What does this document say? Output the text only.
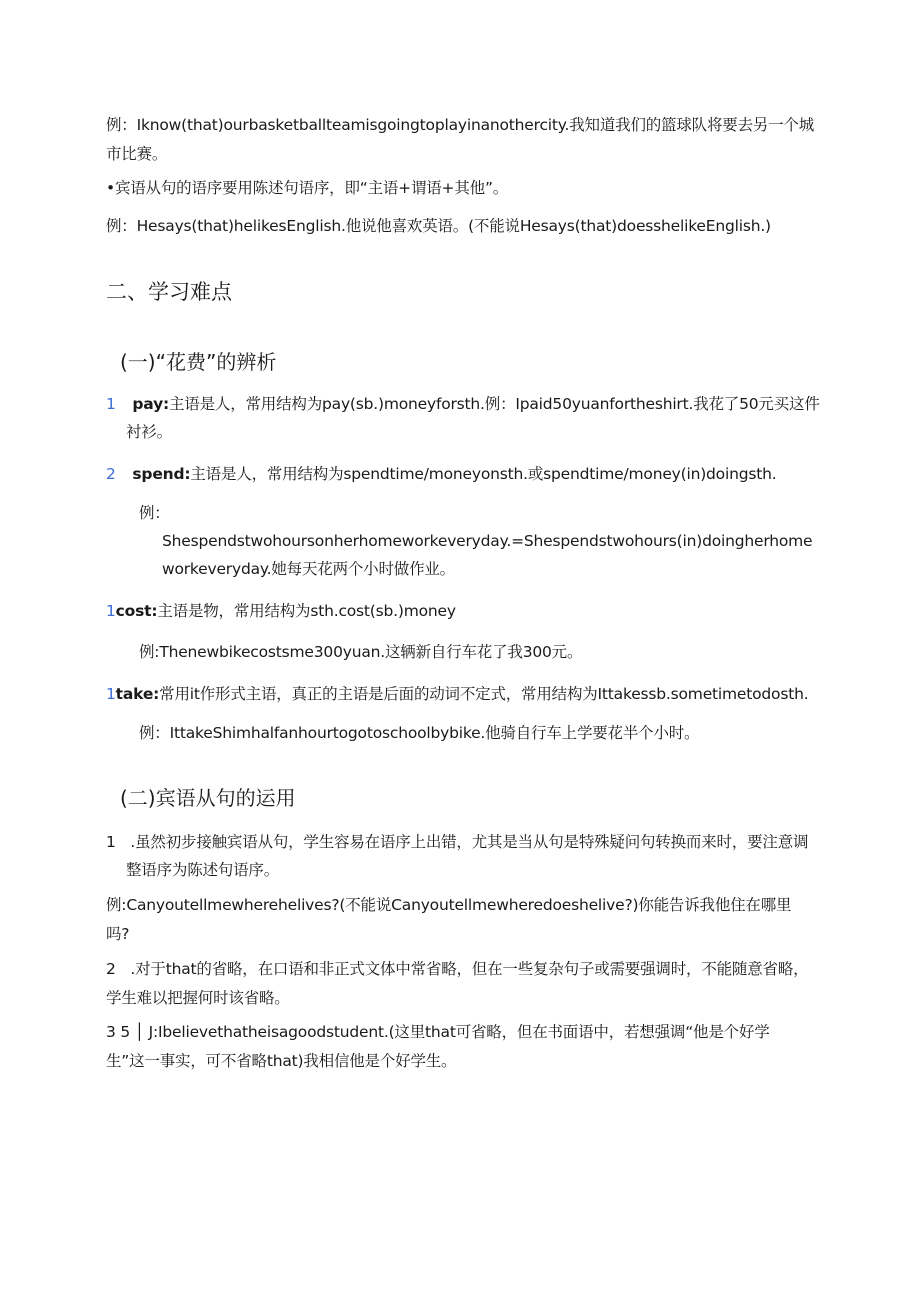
例：Iknow(that)ourbasketballteamisgoingtoplayinanothercity.我知道我们的篮球队将要去另一个城
市比赛。
•宾语从句的语序要用陈述句语序，即“主语+谓语+其他”。
例：Hesays(that)helikesEnglish.他说他喜欢英语。(不能说Hesays(that)doesshelikeEnglish.)
二、学习难点
(一)“花费”的辨析
1 pay:主语是人，常用结构为pay(sb.)moneyforsth.例：Ipaid50yuanfortheshirt.我花了50元买这件
衬衫。
2 spend:主语是人，常用结构为spendtime/moneyonsth.或spendtime/money(in)doingsth.
例：
Shespendstwohoursonherhomeworkeveryday.=Shespendstwohours(in)doingherhome
workeveryday.她每天花两个小时做作业。
1cost:主语是物，常用结构为sth.cost(sb.)money
例:Thenewbikecostsme300yuan.这辆新自行车花了我300元。
1take:常用it作形式主语，真正的主语是后面的动词不定式，常用结构为Ittakessb.sometimetodosth.
例：IttakeShimhalfanhourtogotoschoolbybike.他骑自行车上学要花半个小时。
(二)宾语从句的运用
1 .虽然初步接触宾语从句，学生容易在语序上出错，尤其是当从句是特殊疑问句转换而来时，要注意调
整语序为陈述句语序。
例:Canyoutellmewherehelives?(不能说Canyoutellmewheredoeshelive?)你能告诉我他住在哪里
吗?
2 .对于that的省略，在口语和非正式文体中常省略，但在一些复杂句子或需要强调时，不能随意省略，
学生难以把握何时该省略。
3 5 │ J:Ibelievethatheisagoodstudent.(这里that可省略，但在书面语中，若想强调“他是个好学
生”这一事实，可不省略that)我相信他是个好学生。
